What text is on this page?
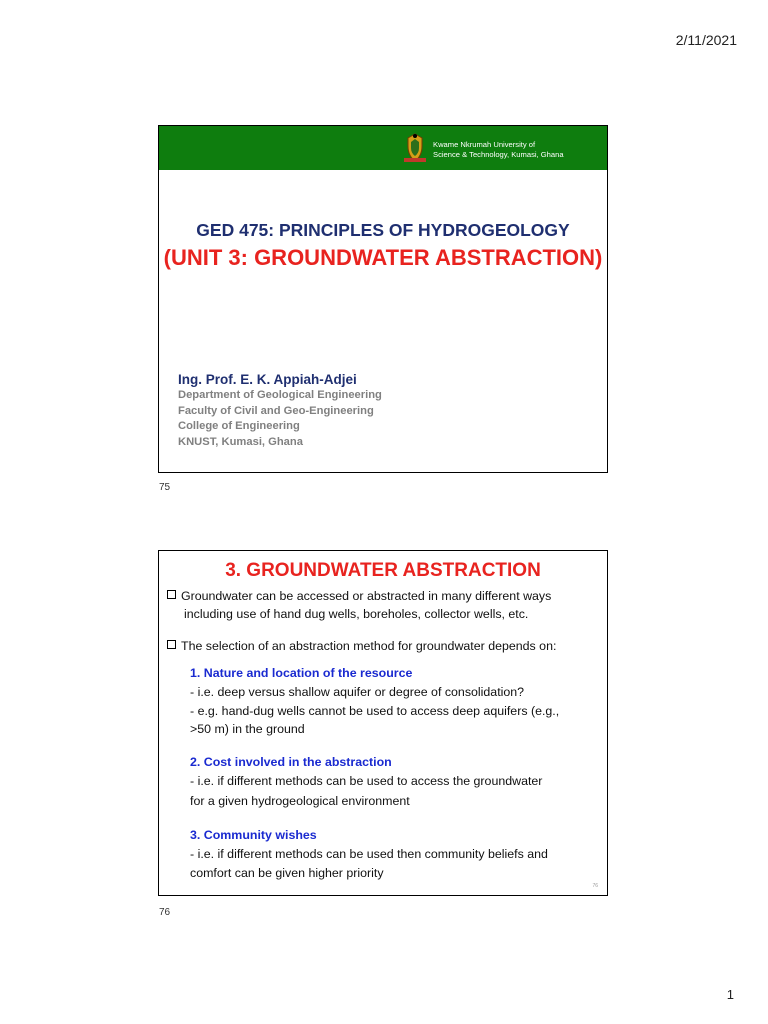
2/11/2021
Kwame Nkrumah University of
Science & Technology, Kumasi, Ghana
GED 475: PRINCIPLES OF HYDROGEOLOGY
(UNIT 3: GROUNDWATER ABSTRACTION)
Ing. Prof. E. K. Appiah-Adjei
Department of Geological Engineering
Faculty of Civil and Geo-Engineering
College of Engineering
KNUST, Kumasi, Ghana
75
3. GROUNDWATER ABSTRACTION
Groundwater can be accessed or abstracted in many different ways
including use of hand dug wells, boreholes, collector wells, etc.
The selection of an abstraction method for groundwater depends on:
1. Nature and location of the resource
- i.e. deep versus shallow aquifer or degree of consolidation?
- e.g. hand-dug wells cannot be used to access deep aquifers (e.g.,
>50 m) in the ground
2. Cost involved in the abstraction
- i.e. if different methods can be used to access the groundwater
for a given hydrogeological environment
3. Community wishes
- i.e. if different methods can be used then community beliefs and
comfort can be given higher priority
76
76
1
